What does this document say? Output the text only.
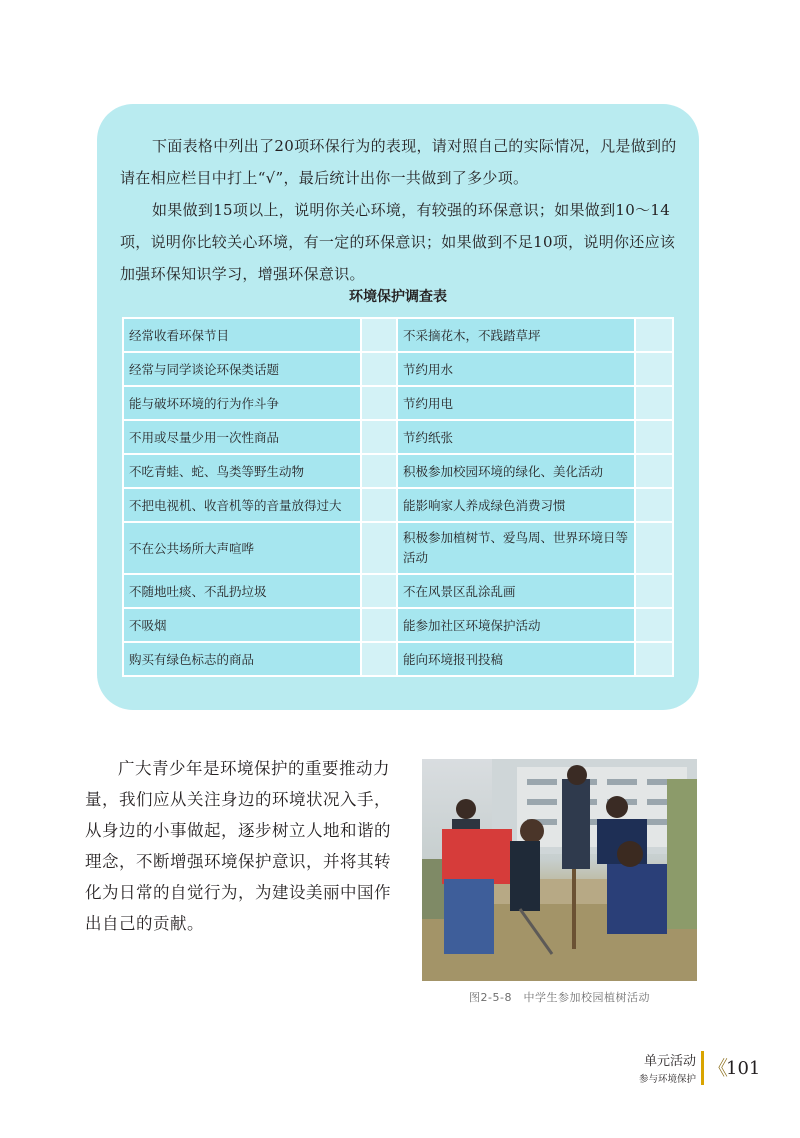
下面表格中列出了20项环保行为的表现，请对照自己的实际情况，凡是做到的请在相应栏目中打上“√”，最后统计出你一共做到了多少项。

如果做到15项以上，说明你关心环境，有较强的环保意识；如果做到10～14项，说明你比较关心环境，有一定的环保意识；如果做到不足10项，说明你还应该加强环保知识学习，增强环保意识。

环境保护调查表
经常收看环保节目		不采摘花木，不践踏草坪	
经常与同学谈论环保类话题		节约用水	
能与破坏环境的行为作斗争		节约用电	
不用或尽量少用一次性商品		节约纸张	
不吃青蛙、蛇、鸟类等野生动物		积极参加校园环境的绿化、美化活动	
不把电视机、收音机等的音量放得过大		能影响家人养成绿色消费习惯	
不在公共场所大声喧哗		积极参加植树节、爱鸟周、世界环境日等活动	
不随地吐痰、不乱扔垃圾		不在风景区乱涂乱画	
不吸烟		能参加社区环境保护活动	
购买有绿色标志的商品		能向环境报刊投稿	

广大青少年是环境保护的重要推动力量，我们应从关注身边的环境状况入手，从身边的小事做起，逐步树立人地和谐的理念，不断增强环境保护意识，并将其转化为日常的自觉行为，为建设美丽中国作出自己的贡献。

图2-5-8　中学生参加校园植树活动
单元活动
参与环境保护 《
101
